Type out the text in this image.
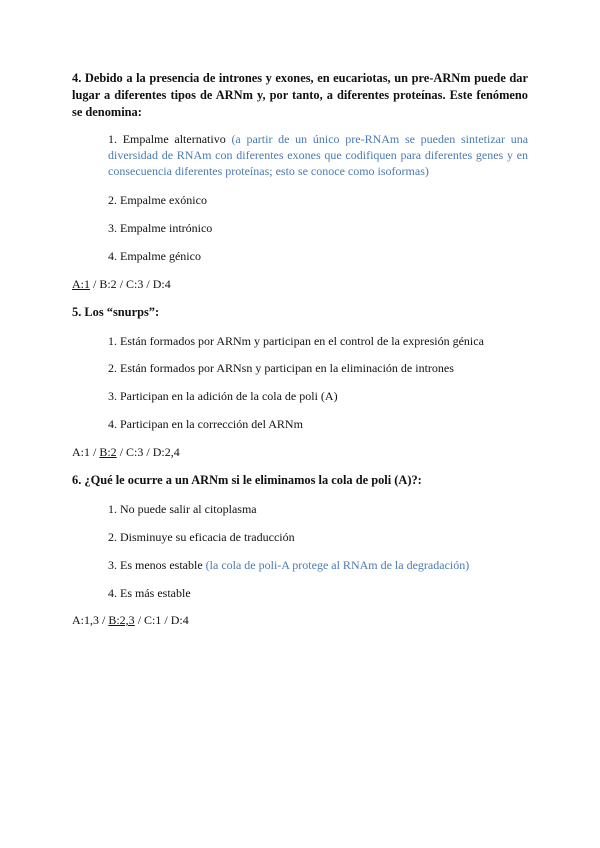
4. Debido a la presencia de intrones y exones, en eucariotas, un pre-ARNm puede dar lugar a diferentes tipos de ARNm y, por tanto, a diferentes proteínas. Este fenómeno se denomina:

1. Empalme alternativo (a partir de un único pre-RNAm se pueden sintetizar una diversidad de RNAm con diferentes exones que codifiquen para diferentes genes y en consecuencia diferentes proteínas; esto se conoce como isoformas)

2. Empalme exónico

3. Empalme intrónico

4. Empalme génico

A:1 / B:2 / C:3 / D:4

5. Los “snurps”:

1. Están formados por ARNm y participan en el control de la expresión génica

2. Están formados por ARNsn y participan en la eliminación de intrones

3. Participan en la adición de la cola de poli (A)

4. Participan en la corrección del ARNm

A:1 / B:2 / C:3 / D:2,4

6. ¿Qué le ocurre a un ARNm si le eliminamos la cola de poli (A)?:

1. No puede salir al citoplasma

2. Disminuye su eficacia de traducción

3. Es menos estable (la cola de poli-A protege al RNAm de la degradación)

4. Es más estable

A:1,3 / B:2,3 / C:1 / D:4
